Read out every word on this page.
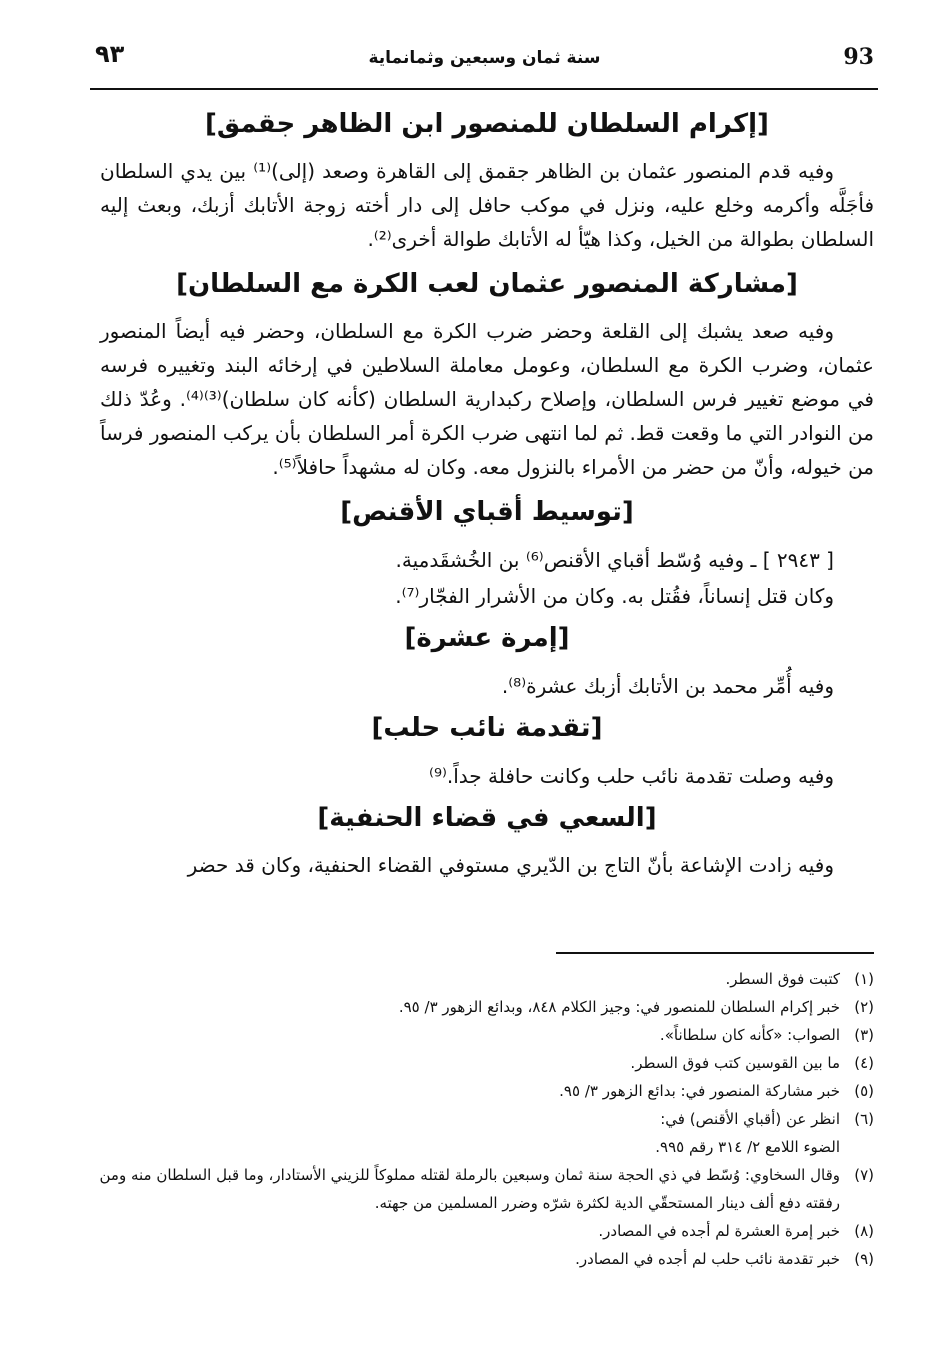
93
سنة ثمان وسبعين وثمانماية
٩٣
[إكرام السلطان للمنصور ابن الظاهر جقمق]

وفيه قدم المنصور عثمان بن الظاهر جقمق إلى القاهرة وصعد (إلى)⁽¹⁾ بين يدي السلطان فأجَلَّه وأكرمه وخلع عليه، ونزل في موكب حافل إلى دار أخته زوجة الأتابك أزبك، وبعث إليه السلطان بطوالة من الخيل، وكذا هيّأ له الأتابك طوالة أخرى⁽²⁾.

[مشاركة المنصور عثمان لعب الكرة مع السلطان]

وفيه صعد يشبك إلى القلعة وحضر ضرب الكرة مع السلطان، وحضر فيه أيضاً المنصور عثمان، وضرب الكرة مع السلطان، وعومل معاملة السلاطين في إرخائه البند وتغييره فرسه في موضع تغيير فرس السلطان، وإصلاح ركبدارية السلطان (كأنه كان سلطان)⁽³⁾⁽⁴⁾. وعُدّ ذلك من النوادر التي ما وقعت قط. ثم لما انتهى ضرب الكرة أمر السلطان بأن يركب المنصور فرساً من خيوله، وأنّ من حضر من الأمراء بالنزول معه. وكان له مشهداً حافلاً⁽⁵⁾.

[توسيط أقباي الأقنص]
[ ٢٩٤٣ ] ـ وفيه وُسّط أقباي الأقنص⁽⁶⁾ بن الخُشقَدمية.
وكان قتل إنساناً، فقُتل به. وكان من الأشرار الفجّار⁽⁷⁾.
[إمرة عشرة]
وفيه أُمِّر محمد بن الأتابك أزبك عشرة⁽⁸⁾.
[تقدمة نائب حلب]
وفيه وصلت تقدمة نائب حلب وكانت حافلة جداً.⁽⁹⁾
[السعي في قضاء الحنفية]

وفيه زادت الإشاعة بأنّ التاج بن الدّيري مستوفي القضاء الحنفية، وكان قد حضر

(١)
كتبت فوق السطر.
(٢)
خبر إكرام السلطان للمنصور في: وجيز الكلام ٨٤٨، وبدائع الزهور ٣/ ٩٥.
(٣)
الصواب: «كأنه كان سلطاناً».
(٤)
ما بين القوسين كتب فوق السطر.
(٥)
خبر مشاركة المنصور في: بدائع الزهور ٣/ ٩٥.
(٦)
انظر عن (أقباي الأقنص) في:
الضوء اللامع ٢/ ٣١٤ رقم ٩٩٥.
(٧)
وقال السخاوي: وُسّط في ذي الحجة سنة ثمان وسبعين بالرملة لقتله مملوكاً للزيني الأستادار، وما قبل السلطان منه ومن رفقته دفع ألف دينار المستحقّي الدية لكثرة شرّه وضرر المسلمين من جهته.
(٨)
خبر إمرة العشرة لم أجده في المصادر.
(٩)
خبر تقدمة نائب حلب لم أجده في المصادر.
